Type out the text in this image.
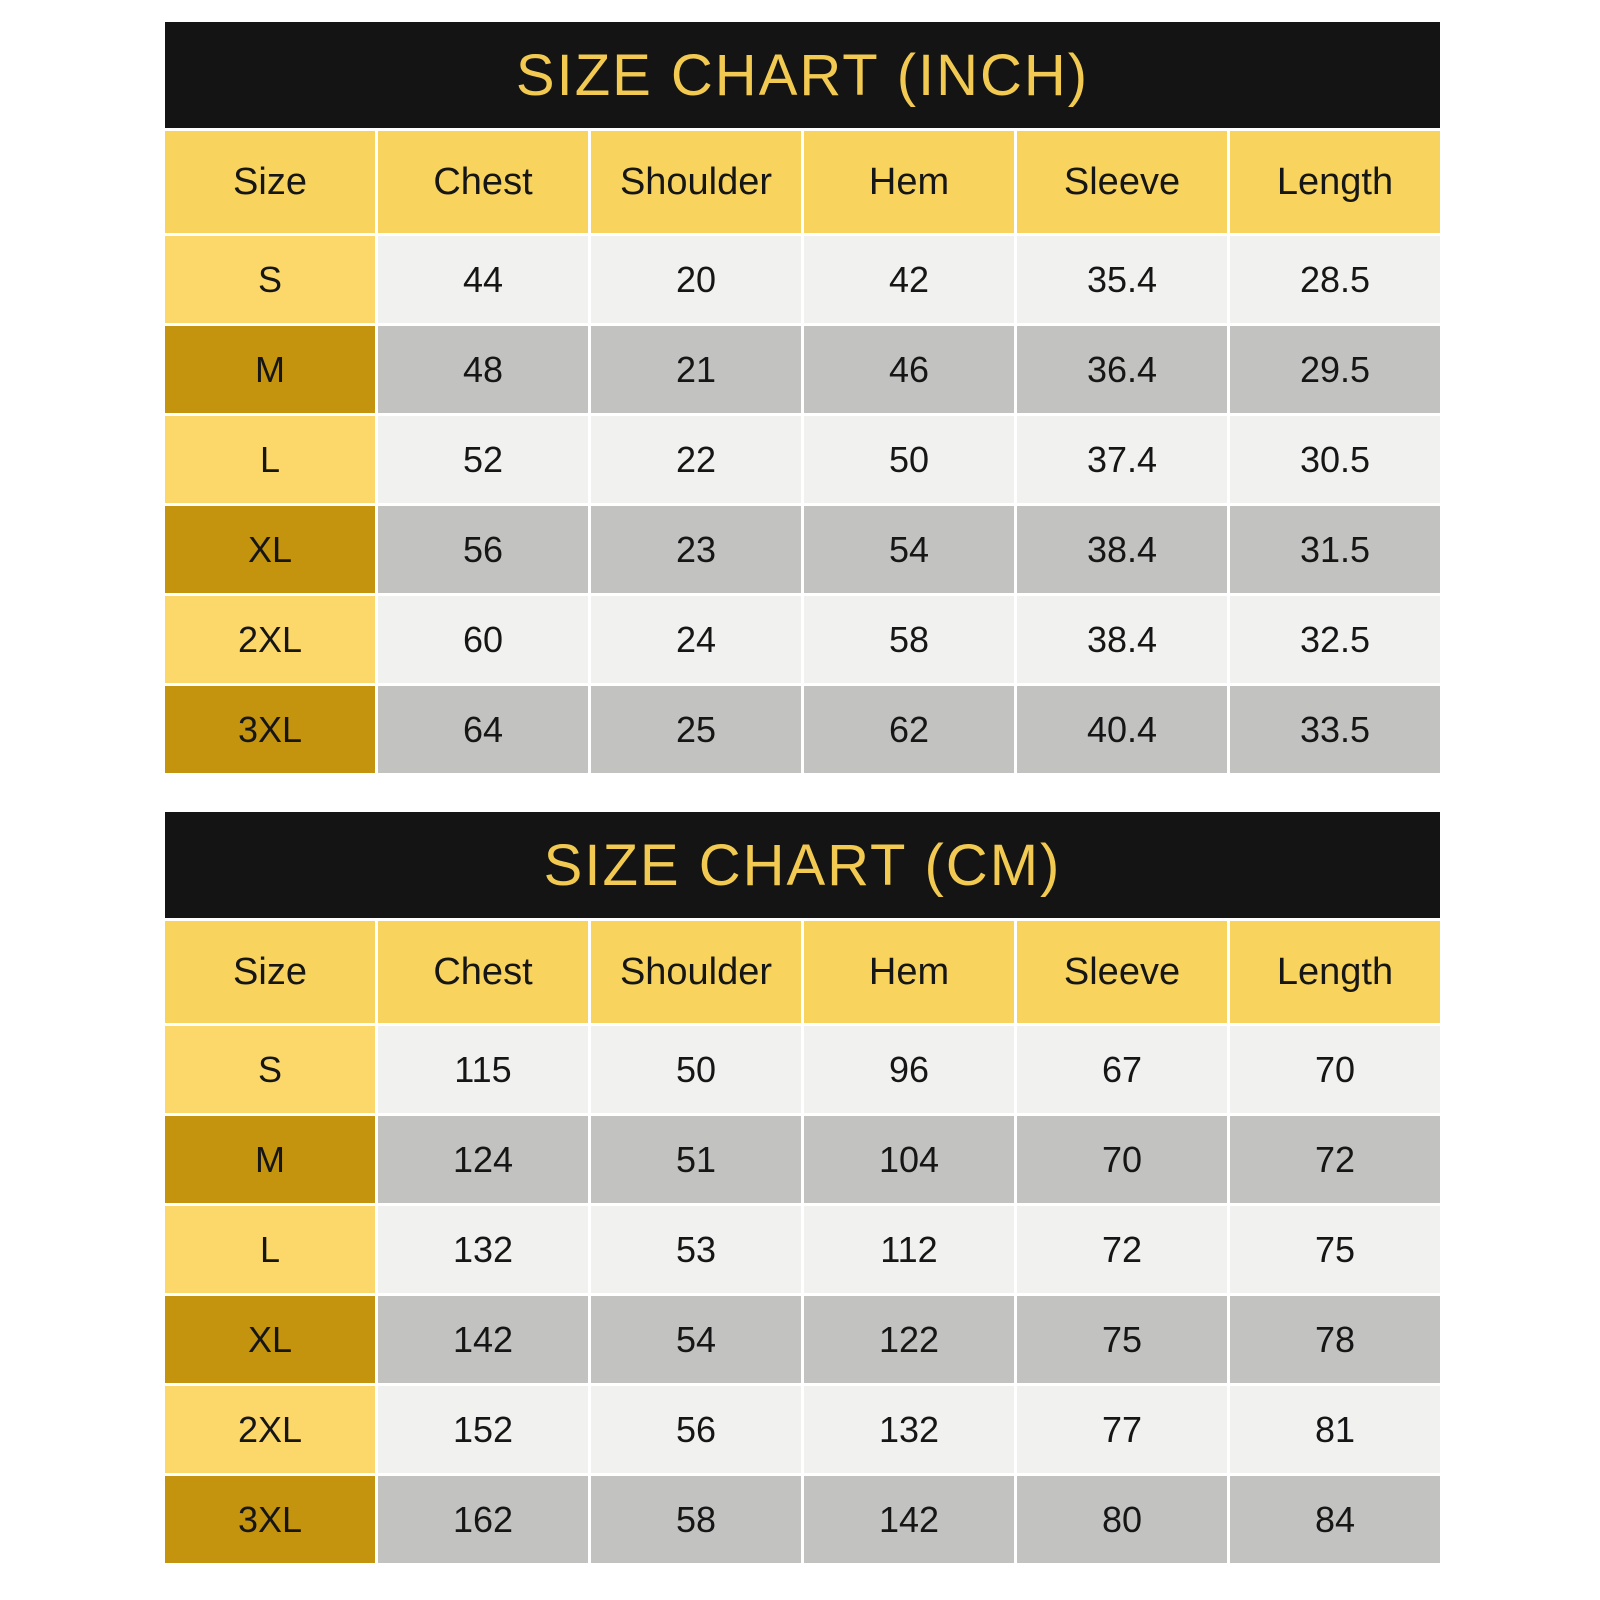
SIZE CHART (INCH)
Size	Chest	Shoulder	Hem	Sleeve	Length
S	44	20	42	35.4	28.5
M	48	21	46	36.4	29.5
L	52	22	50	37.4	30.5
XL	56	23	54	38.4	31.5
2XL	60	24	58	38.4	32.5
3XL	64	25	62	40.4	33.5
SIZE CHART (CM)
Size	Chest	Shoulder	Hem	Sleeve	Length
S	115	50	96	67	70
M	124	51	104	70	72
L	132	53	112	72	75
XL	142	54	122	75	78
2XL	152	56	132	77	81
3XL	162	58	142	80	84
